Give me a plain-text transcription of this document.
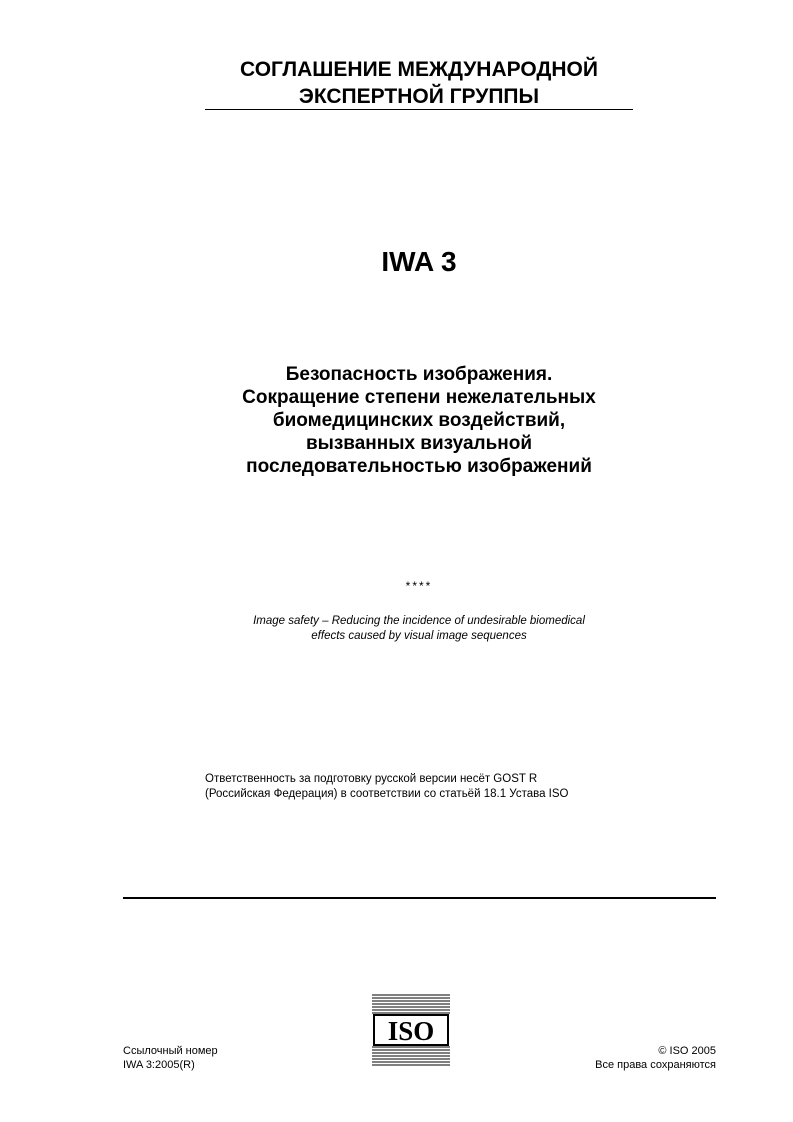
СОГЛАШЕНИЕ МЕЖДУНАРОДНОЙ
ЭКСПЕРТНОЙ ГРУППЫ
IWA 3
Безопасность изображения.
Сокращение степени нежелательных
биомедицинских воздействий,
вызванных визуальной
последовательностью изображений
****
Image safety – Reducing the incidence of undesirable biomedical
effects caused by visual image sequences
Ответственность за подготовку русской версии несёт GOST R
(Российская Федерация) в соответствии со статьёй 18.1 Устава ISO
Ссылочный номер
IWA 3:2005(R)
ISO
© ISO 2005
Все права сохраняются
